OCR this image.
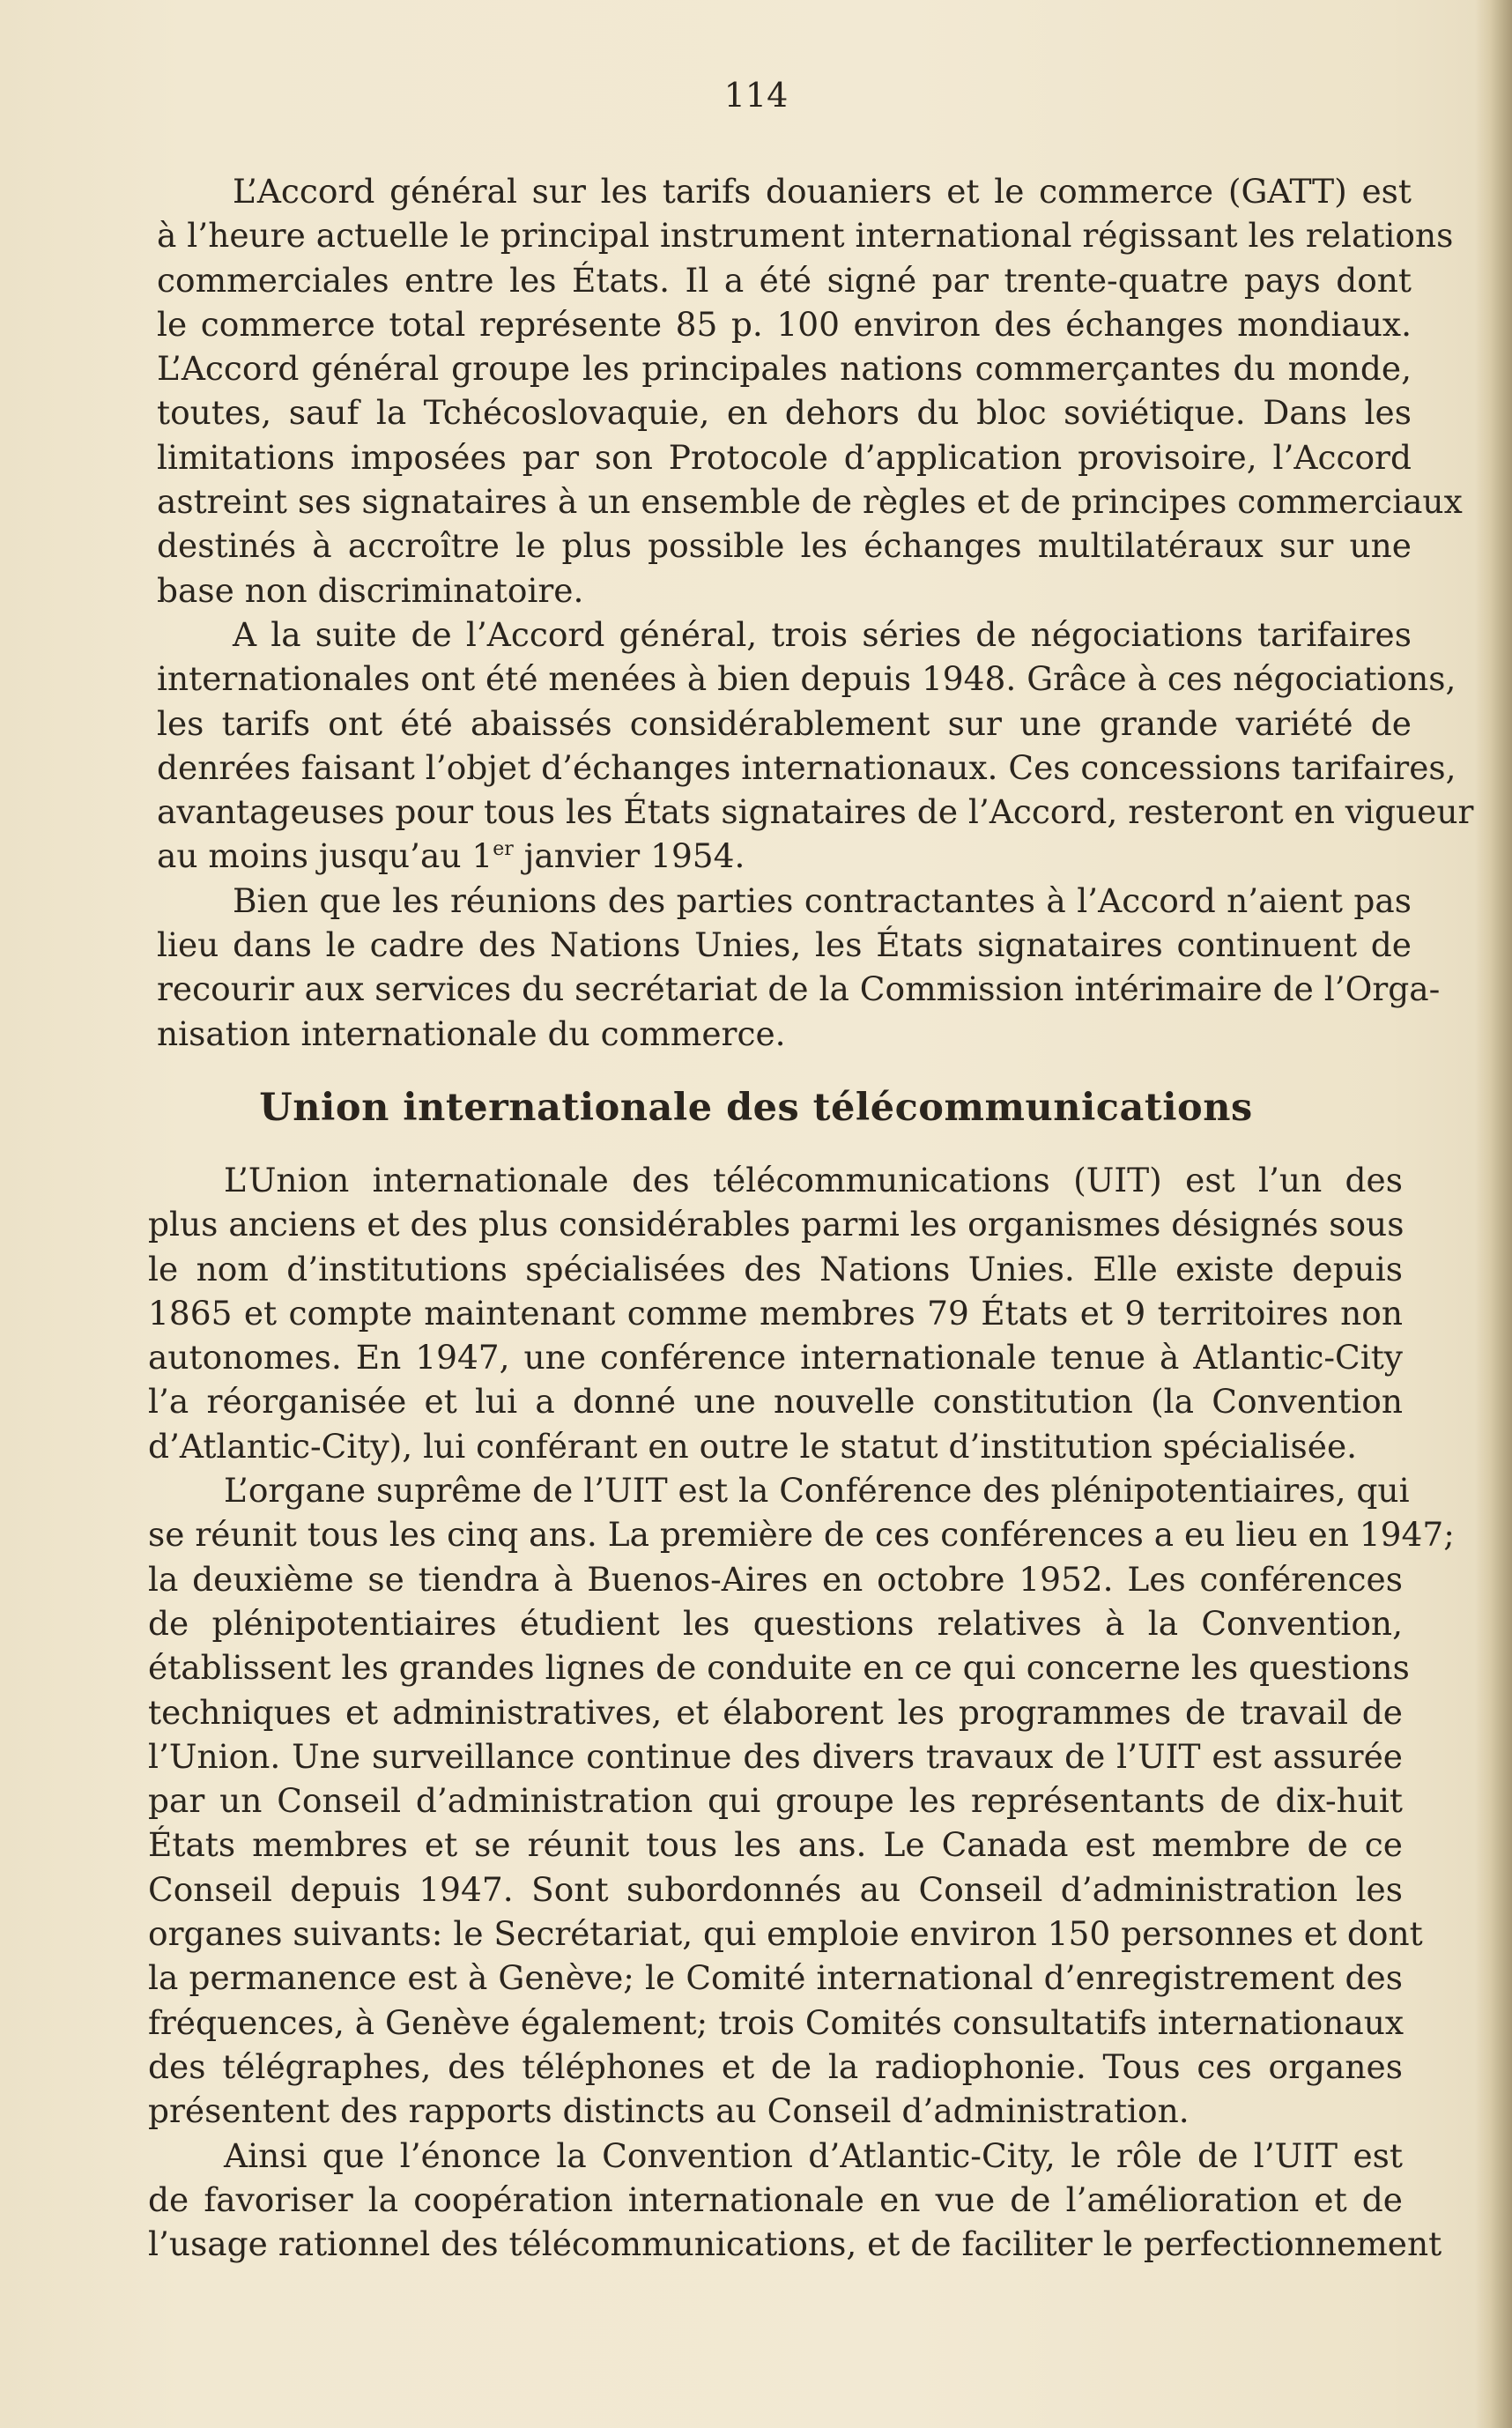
114

L’Accord général sur les tarifs douaniers et le commerce (GATT) est
à l’heure actuelle le principal instrument international régissant les relations
commerciales entre les États. Il a été signé par trente-quatre pays dont
le commerce total représente 85 p. 100 environ des échanges mondiaux.
L’Accord général groupe les principales nations commerçantes du monde,
toutes, sauf la Tchécoslovaquie, en dehors du bloc soviétique. Dans les
limitations imposées par son Protocole d’application provisoire, l’Accord
astreint ses signataires à un ensemble de règles et de principes commerciaux
destinés à accroître le plus possible les échanges multilatéraux sur une
base non discriminatoire.

A la suite de l’Accord général, trois séries de négociations tarifaires
internationales ont été menées à bien depuis 1948. Grâce à ces négociations,
les tarifs ont été abaissés considérablement sur une grande variété de
denrées faisant l’objet d’échanges internationaux. Ces concessions tarifaires,
avantageuses pour tous les États signataires de l’Accord, resteront en vigueur
au moins jusqu’au 1er janvier 1954.

Bien que les réunions des parties contractantes à l’Accord n’aient pas
lieu dans le cadre des Nations Unies, les États signataires continuent de
recourir aux services du secrétariat de la Commission intérimaire de l’Orga-
nisation internationale du commerce.

Union internationale des télécommunications

L’Union internationale des télécommunications (UIT) est l’un des
plus anciens et des plus considérables parmi les organismes désignés sous
le nom d’institutions spécialisées des Nations Unies. Elle existe depuis
1865 et compte maintenant comme membres 79 États et 9 territoires non
autonomes. En 1947, une conférence internationale tenue à Atlantic-City
l’a réorganisée et lui a donné une nouvelle constitution (la Convention
d’Atlantic-City), lui conférant en outre le statut d’institution spécialisée.

L’organe suprême de l’UIT est la Conférence des plénipotentiaires, qui
se réunit tous les cinq ans. La première de ces conférences a eu lieu en 1947;
la deuxième se tiendra à Buenos-Aires en octobre 1952. Les conférences
de plénipotentiaires étudient les questions relatives à la Convention,
établissent les grandes lignes de conduite en ce qui concerne les questions
techniques et administratives, et élaborent les programmes de travail de
l’Union. Une surveillance continue des divers travaux de l’UIT est assurée
par un Conseil d’administration qui groupe les représentants de dix-huit
États membres et se réunit tous les ans. Le Canada est membre de ce
Conseil depuis 1947. Sont subordonnés au Conseil d’administration les
organes suivants: le Secrétariat, qui emploie environ 150 personnes et dont
la permanence est à Genève; le Comité international d’enregistrement des
fréquences, à Genève également; trois Comités consultatifs internationaux
des télégraphes, des téléphones et de la radiophonie. Tous ces organes
présentent des rapports distincts au Conseil d’administration.

Ainsi que l’énonce la Convention d’Atlantic-City, le rôle de l’UIT est
de favoriser la coopération internationale en vue de l’amélioration et de
l’usage rationnel des télécommunications, et de faciliter le perfectionnement
